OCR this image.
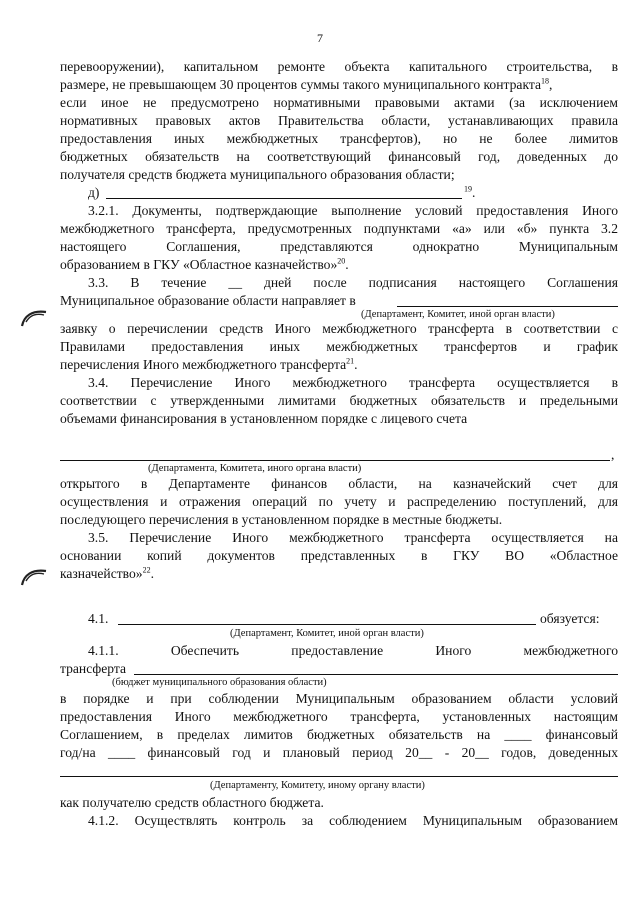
7
перевооружении), капитальном ремонте объекта капитального строительства, в
размере, не превышающем 30 процентов суммы такого муниципального контракта$^{18}$,
если иное не предусмотрено нормативными правовыми актами (за исключением
нормативных правовых актов Правительства области, устанавливающих правила
предоставления иных межбюджетных трансфертов), но не более лимитов
бюджетных обязательств на соответствующий финансовый год, доведенных до
получателя средств бюджета муниципального образования области;
д)	$^{19}$.
3.2.1. Документы, подтверждающие выполнение условий предоставления Иного
межбюджетного трансферта, предусмотренных подпунктами «а» или «б» пункта 3.2
настоящего Соглашения, представляются однократно Муниципальным
образованием в ГКУ «Областное казначейство»$^{20}$.
3.3. В течение __ дней после подписания настоящего Соглашения
Муниципальное образование области направляет в
(Департамент, Комитет, иной орган власти)
заявку о перечислении средств Иного межбюджетного трансферта в соответствии с
Правилами предоставления иных межбюджетных трансфертов и график
перечисления Иного межбюджетного трансферта$^{21}$.
3.4. Перечисление Иного межбюджетного трансферта осуществляется в
соответствии с утвержденными лимитами бюджетных обязательств и предельными
объемами финансирования в установленном порядке с лицевого счета
,
(Департамента, Комитета, иного органа власти)
открытого в Департаменте финансов области, на казначейский счет для
осуществления и отражения операций по учету и распределению поступлений, для
последующего перечисления в установленном порядке в местные бюджеты.
3.5. Перечисление Иного межбюджетного трансферта осуществляется на
основании копий документов представленных в ГКУ ВО «Областное
казначейство»$^{22}$.
4.1.	обязуется:
(Департамент, Комитет, иной орган власти)
4.1.1. Обеспечить предоставление Иного межбюджетного
трансферта
(бюджет муниципального образования области)
в порядке и при соблюдении Муниципальным образованием области условий
предоставления Иного межбюджетного трансферта, установленных настоящим
Соглашением, в пределах лимитов бюджетных обязательств на ____ финансовый
год/на ____ финансовый год и плановый период 20__ - 20__ годов, доведенных
(Департаменту, Комитету, иному органу власти)
как получателю средств областного бюджета.
4.1.2. Осуществлять контроль за соблюдением Муниципальным образованием
